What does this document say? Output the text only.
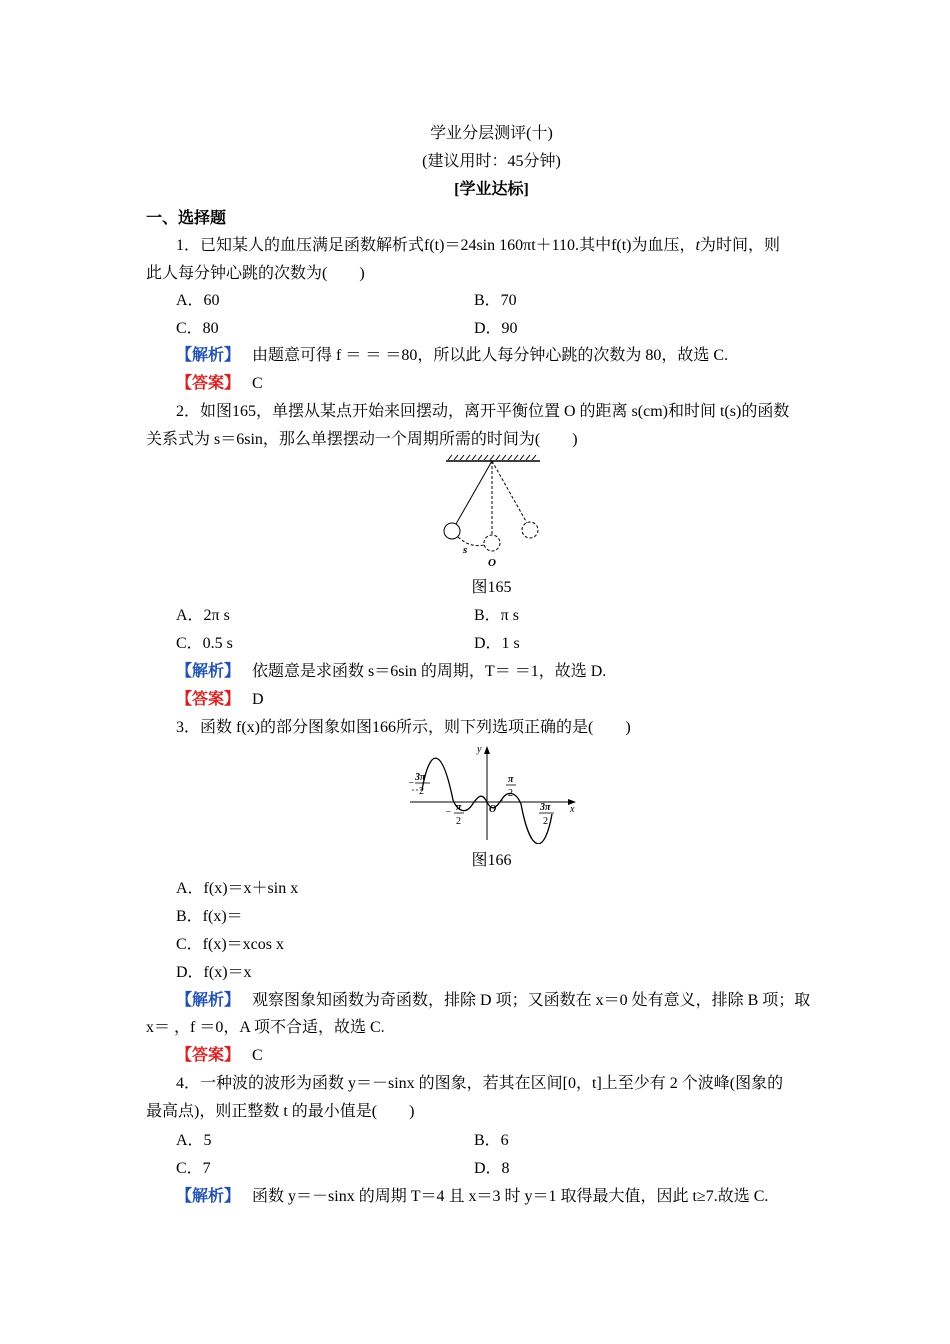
学业分层测评(十)
(建议用时：45分钟)
[学业达标]
一、选择题
1．已知某人的血压满足函数解析式f(t)＝24sin 160πt＋110.其中f(t)为血压，t为时间，则
此人每分钟心跳的次数为(　　)
A．60	B．70
C．80	D．90
【解析】 由题意可得 f ＝ ＝ ＝80，所以此人每分钟心跳的次数为 80，故选 C.
【答案】 C
2．如图165，单摆从某点开始来回摆动，离开平衡位置 O 的距离 s(cm)和时间 t(s)的函数
关系式为 s＝6sin，那么单摆摆动一个周期所需的时间为(　　)
s
O
图165
A．2π s	B．π s
C．0.5 s	D．1 s
【解析】 依题意是求函数 s＝6sin 的周期，T＝ ＝1，故选 D.
【答案】 D
3．函数 f(x)的部分图象如图166所示，则下列选项正确的是(　　)
−
3π
2
− π
2
π
2
3π
2
O	x
y
图166
A．f(x)＝x＋sin x
B．f(x)＝
C．f(x)＝xcos x
D．f(x)＝x
【解析】 观察图象知函数为奇函数，排除 D 项；又函数在 x＝0 处有意义，排除 B 项；取
x＝ ，f ＝0，A 项不合适，故选 C.
【答案】 C
4．一种波的波形为函数 y＝－sinx 的图象，若其在区间[0，t]上至少有 2 个波峰(图象的
最高点)，则正整数 t 的最小值是(　　)
A．5	B．6
C．7	D．8
【解析】 函数 y＝－sinx 的周期 T＝4 且 x＝3 时 y＝1 取得最大值，因此 t≥7.故选 C.
